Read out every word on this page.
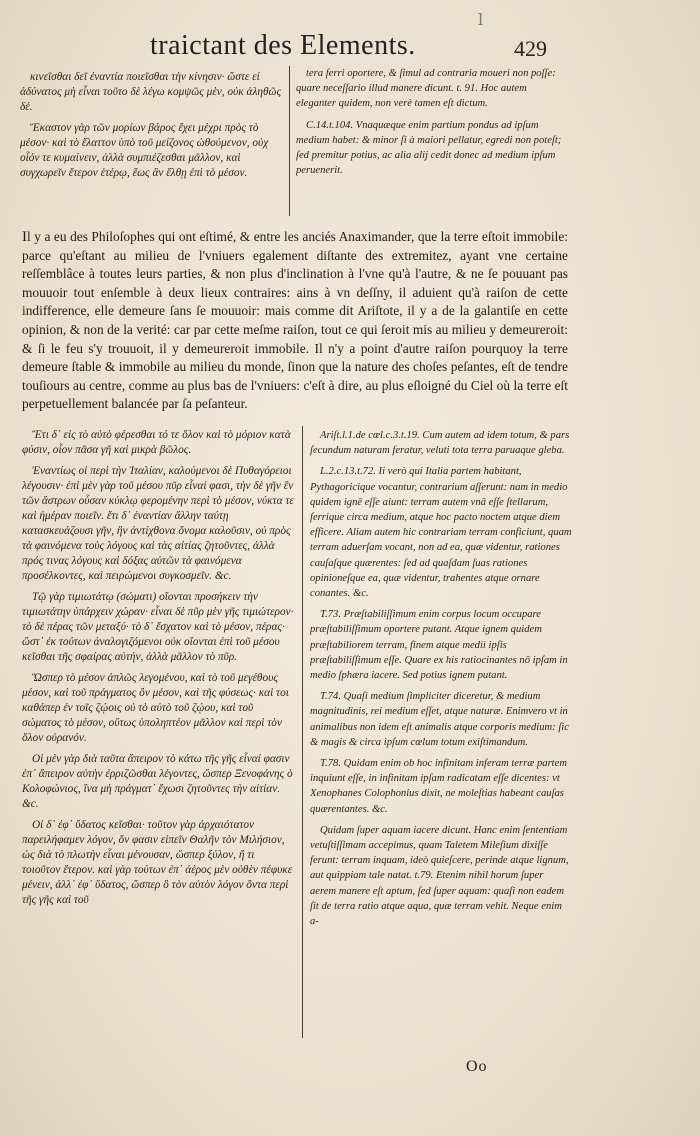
l
traictant des Elements.	429

κινεῖσθαι δεῖ ἐναντία ποιεῖσθαι τὴν κίνησιν· ὥστε εἰ ἀδύνατος μὴ εἶναι τοῦτο δὲ λέγω κομψῶς μὲν, οὐκ ἀληθῶς δέ.

Ἕκαστον γὰρ τῶν μορίων βάρος ἔχει μέχρι πρὸς τὸ μέσον· καὶ τὸ ἔλαττον ὑπὸ τοῦ μείζονος ὠθούμενον, οὐχ οἷόν τε κυμαίνειν, ἀλλὰ συμπιέζεσθαι μᾶλλον, καὶ συγχωρεῖν ἕτερον ἑτέρῳ, ἕως ἂν ἔλθῃ ἐπὶ τὸ μέσον.

tera ferri oportere, & ſimul ad contraria moueri non poſſe: quare neceſſario illud manere dicunt. t. 91. Hoc autem eleganter quidem, non verè tamen eſt dictum.

C.14.t.104. Vnaquæque enim partium pondus ad ipſum medium habet: & minor ſi à maiori pellatur, egredi non poteſt; ſed premitur potius, ac alia alij cedit donec ad medium ipſum peruenerit.

Il y a eu des Philoſophes qui ont eſtimé, & entre les anciés Anaximander, que la terre eſtoit immobile: parce qu'eſtant au milieu de l'vniuers egalement diſtante des extremitez, ayant vne certaine reſſemblâce à toutes leurs parties, & non plus d'inclination à l'vne qu'à l'autre, & ne ſe pouuant pas mouuoir tout enſemble à deux lieux contraires: ains à vn deſſny, il aduient qu'à raiſon de cette indifference, elle demeure ſans ſe mouuoir: mais comme dit Ariſtote, il y a de la galantiſe en cette opinion, & non de la verité: car par cette meſme raiſon, tout ce qui ſeroit mis au milieu y demeureroit: & ſi le feu s'y trouuoit, il y demeureroit immobile. Il n'y a point d'autre raiſon pourquoy la terre demeure ſtable & immobile au milieu du monde, ſinon que la nature des choſes peſantes, eſt de tendre touſiours au centre, comme au plus bas de l'vniuers: c'eſt à dire, au plus eſloigné du Ciel où la terre eſt perpetuellement balancée par ſa peſanteur.

Ἔτι δ᾽ εἰς τὸ αὐτὸ φέρεσθαι τό τε ὅλον καὶ τὸ μόριον κατὰ φύσιν, οἷον πᾶσα γῆ καὶ μικρὰ βῶλος.

Ἐναντίως οἱ περὶ τὴν Ἰταλίαν, καλούμενοι δὲ Πυθαγόρειοι λέγουσιν· ἐπὶ μὲν γὰρ τοῦ μέσου πῦρ εἶναί φασι, τὴν δὲ γῆν ἓν τῶν ἄστρων οὖσαν κύκλῳ φερομένην περὶ τὸ μέσον, νύκτα τε καὶ ἡμέραν ποιεῖν. ἔτι δ᾽ ἐναντίαν ἄλλην ταύτῃ κατασκευάζουσι γῆν, ἣν ἀντίχθονα ὄνομα καλοῦσιν, οὐ πρὸς τὰ φαινόμενα τοὺς λόγους καὶ τὰς αἰτίας ζητοῦντες, ἀλλὰ πρός τινας λόγους καὶ δόξας αὑτῶν τὰ φαινόμενα προσέλκοντες, καὶ πειρώμενοι συγκοσμεῖν. &c.

Τῷ γὰρ τιμιωτάτῳ (σώματι) οἴονται προσήκειν τὴν τιμιωτάτην ὑπάρχειν χώραν· εἶναι δὲ πῦρ μὲν γῆς τιμιώτερον· τὸ δὲ πέρας τῶν μεταξύ· τὸ δ᾽ ἔσχατον καὶ τὸ μέσον, πέρας· ὥστ᾽ ἐκ τούτων ἀναλογιζόμενοι οὐκ οἴονται ἐπὶ τοῦ μέσου κεῖσθαι τῆς σφαίρας αὐτήν, ἀλλὰ μᾶλλον τὸ πῦρ.

Ὥσπερ τὸ μέσον ἁπλῶς λεγομένου, καὶ τὸ τοῦ μεγέθους μέσον, καὶ τοῦ πράγματος ὂν μέσον, καὶ τῆς φύσεως· καὶ τοι καθάπερ ἐν τοῖς ζῴοις οὐ τὸ αὐτὸ τοῦ ζῴου, καὶ τοῦ σώματος τὸ μέσον, οὕτως ὑποληπτέον μᾶλλον καὶ περὶ τὸν ὅλον οὐρανόν.

Οἱ μὲν γὰρ διὰ ταῦτα ἄπειρον τὸ κάτω τῆς γῆς εἶναί φασιν ἐπ᾽ ἄπειρον αὐτὴν ἐρριζῶσθαι λέγοντες, ὥσπερ Ξενοφάνης ὁ Κολοφώνιος, ἵνα μὴ πράγματ᾽ ἔχωσι ζητοῦντες τὴν αἰτίαν. &c.

Οἱ δ᾽ ἐφ᾽ ὕδατος κεῖσθαι· τοῦτον γὰρ ἀρχαιότατον παρειλήφαμεν λόγον, ὅν φασιν εἰπεῖν Θαλῆν τὸν Μιλήσιον, ὡς διὰ τὸ πλωτὴν εἶναι μένουσαν, ὥσπερ ξύλον, ἤ τι τοιοῦτον ἕτερον. καὶ γὰρ τούτων ἐπ᾽ ἀέρος μὲν οὐθὲν πέφυκε μένειν, ἀλλ᾽ ἐφ᾽ ὕδατος, ὥσπερ ὃ τὸν αὐτὸν λόγον ὄντα περὶ τῆς γῆς καὶ τοῦ

Ariſt.l.1.de cœl.c.3.t.19. Cum autem ad idem totum, & pars ſecundum naturam feratur, veluti tota terra paruaque gleba.

L.2.c.13.t.72. Ii verò qui Italia partem habitant, Pythagoricique vocantur, contrarium aſſerunt: nam in medio quidem ignē eſſe aiunt: terram autem vnā eſſe ſtellarum, ferrique circa medium, atque hoc pacto noctem atque diem efficere. Aliam autem hic contrariam terram conficiunt, quam terram aduerſam vocant, non ad ea, quæ videntur, rationes cauſaſque quærentes: ſed ad quaſdam ſuas rationes opinioneſque ea, quæ videntur, trahentes atque ornare conantes. &c.

T.73. Præſtabiliſſimum enim corpus locum occupare præſtabiliſſimum oportere putant. Atque ignem quidem præſtabiliorem terram, finem atque medii ipſis præſtabiliſſimum eſſe. Quare ex his ratiocinantes nō ipſam in medio ſphæra iacere. Sed potius ignem putant.

T.74. Quaſi medium ſimpliciter diceretur, & medium magnitudinis, rei medium eſſet, atque naturæ. Enimvero vt in animalibus non idem eſt animalis atque corporis medium: ſic & magis & circa ipſum cœlum totum exiſtimandum.

T.78. Quidam enim ob hoc infinitam inferam terræ partem inquiunt eſſe, in infinitam ipſam radicatam eſſe dicentes: vt Xenophanes Colophonius dixit, ne moleſtias habeant cauſas quærentantes. &c.

Quidam ſuper aquam iacere dicunt. Hanc enim ſententiam vetuſtiſſimam accepimus, quam Taletem Mileſium dixiſſe ferunt: terram inquam, ideò quieſcere, perinde atque lignum, aut quippiam tale natat. t.79. Etenim nihil horum ſuper aerem manere eſt aptum, ſed ſuper aquam: quaſi non eadem ſit de terra ratio atque aqua, quæ terram vehit. Neque enim a-

Oo
